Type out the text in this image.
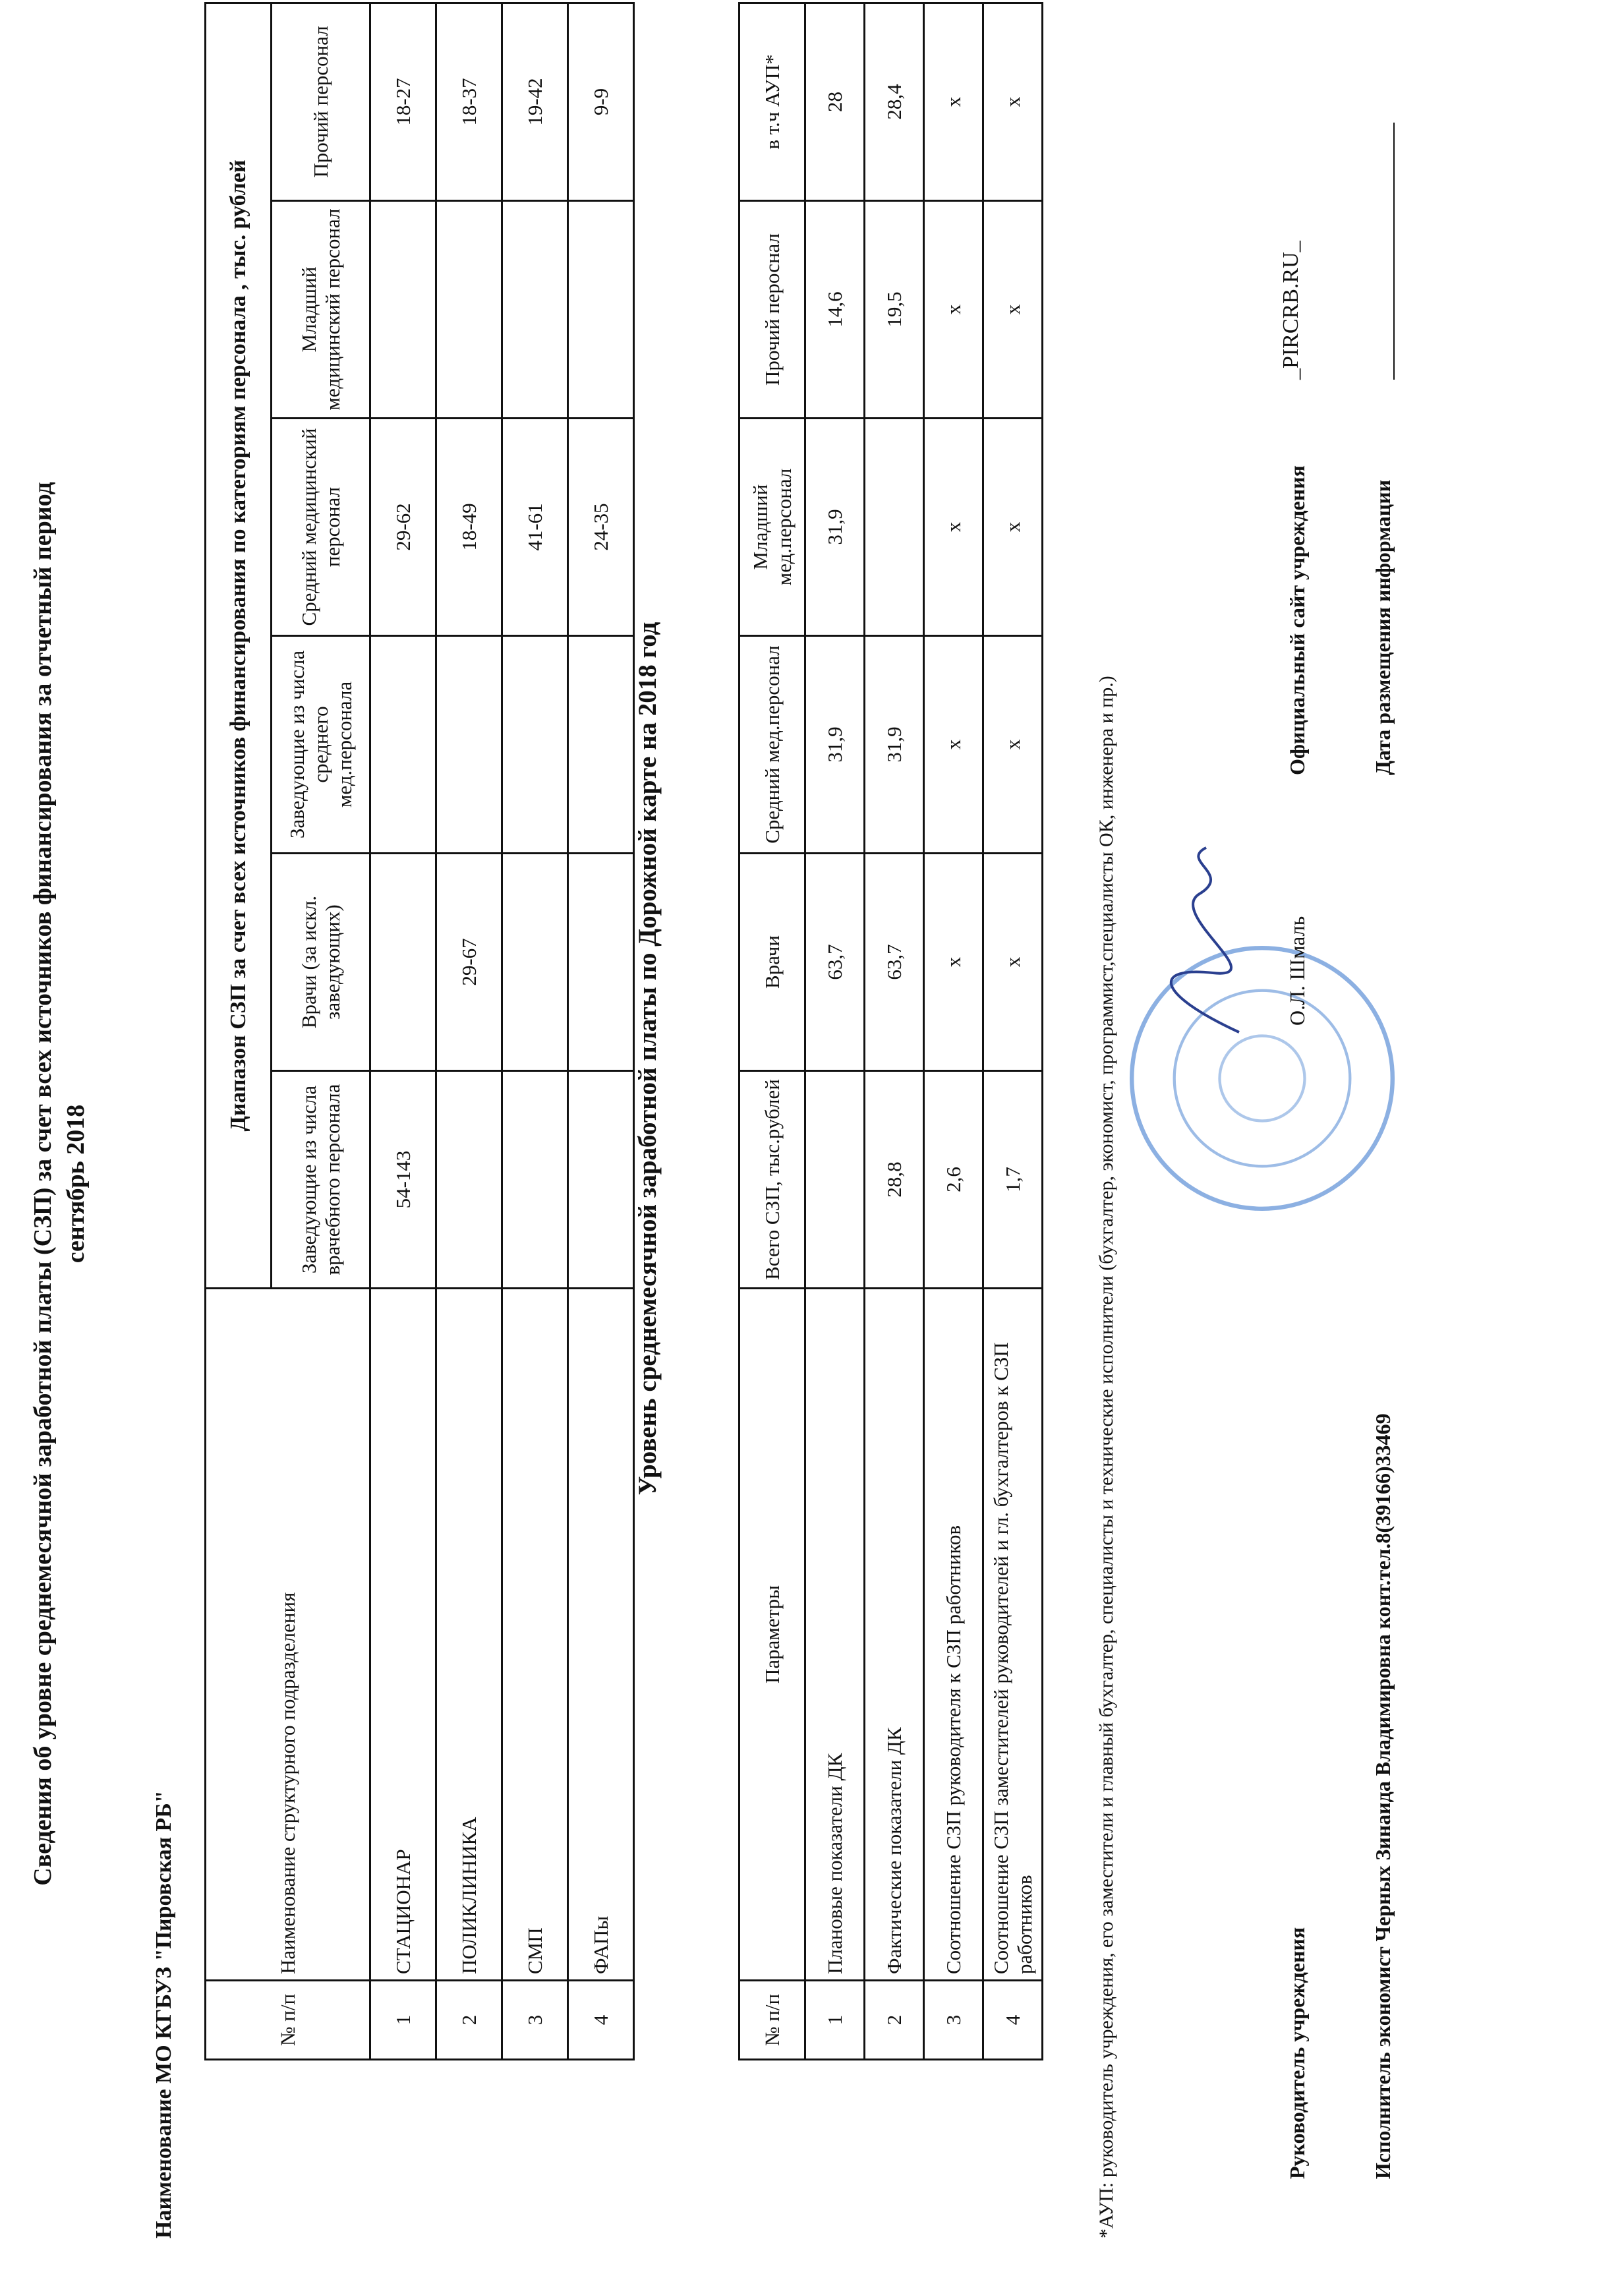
Сведения об уровне среднемесячной заработной платы (СЗП) за счет всех источников финансирования за отчетный период сентябрь 2018
Наименование МО КГБУЗ "Пировская РБ"	№ п/п	Наименование структурного подразделения	Диапазон СЗП за счет всех источников финансирования по категориям персонала , тыс. рублей					
		Заведующие из числа врачебного персонала	Врачи (за искл. заведующих)	Заведующие из числа среднего мед.персонала	Средний медицинский персонал	Младший медицинский персонал	Прочий персонал
1	СТАЦИОНАР	54-143			29-62		18-27
2	ПОЛИКЛИНИКА		29-67		18-49		18-37
3	СМП				41-61		19-42
4	ФАПы				24-35		9-9
Уровень среднемесячной заработной платы по Дорожной карте на 2018 год
№ п/п	Параметры	Всего СЗП, тыс.рублей	Врачи	Средний мед.персонал	Младший мед.персонал	Прочий пероснал	в т.ч АУП*
1	Плановые показатели ДК		63,7	31,9	31,9	14,6	28
2	Фактические показатели ДК	28,8	63,7	31,9		19,5	28,4
3	Соотношение СЗП руководителя к СЗП работников	2,6	х	х	х	х	х
4	Соотношение СЗП заместителей руководителей и гл. бухгалтеров к СЗП работников	1,7	х	х	х	х	х
*АУП: руководитель учреждения, его заместители и главный бухгалтер, специалисты и технические исполнители (бухгалтер, экономист, программист,специалисты ОК, инженера и пр.)	Руководитель учреждения
О.Л. Шмаль
Официальный сайт учреждения
_PIRCRB.RU_
Исполнитель экономист Черных Зинаида Владимировна конт.тел.8(39166)33469
Дата размещения информации
